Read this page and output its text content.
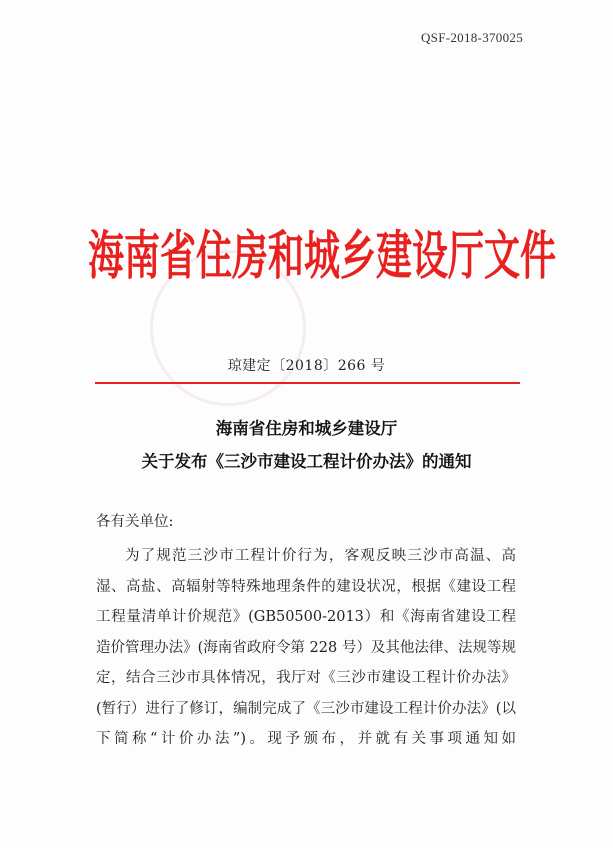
QSF-2018-370025
海南省住房和城乡建设厅文件
琼建定〔2018〕266 号
海南省住房和城乡建设厅
关于发布《三沙市建设工程计价办法》的通知
各有关单位:

为了规范三沙市工程计价行为，客观反映三沙市高温、高湿、高盐、高辐射等特殊地理条件的建设状况，根据《建设工程工程量清单计价规范》(GB50500-2013）和《海南省建设工程造价管理办法》(海南省政府令第 228 号）及其他法律、法规等规定，结合三沙市具体情况，我厅对《三沙市建设工程计价办法》(暂行）进行了修订，编制完成了《三沙市建设工程计价办法》(以下简称“计价办法”)。现予颁布，并就有关事项通知如
